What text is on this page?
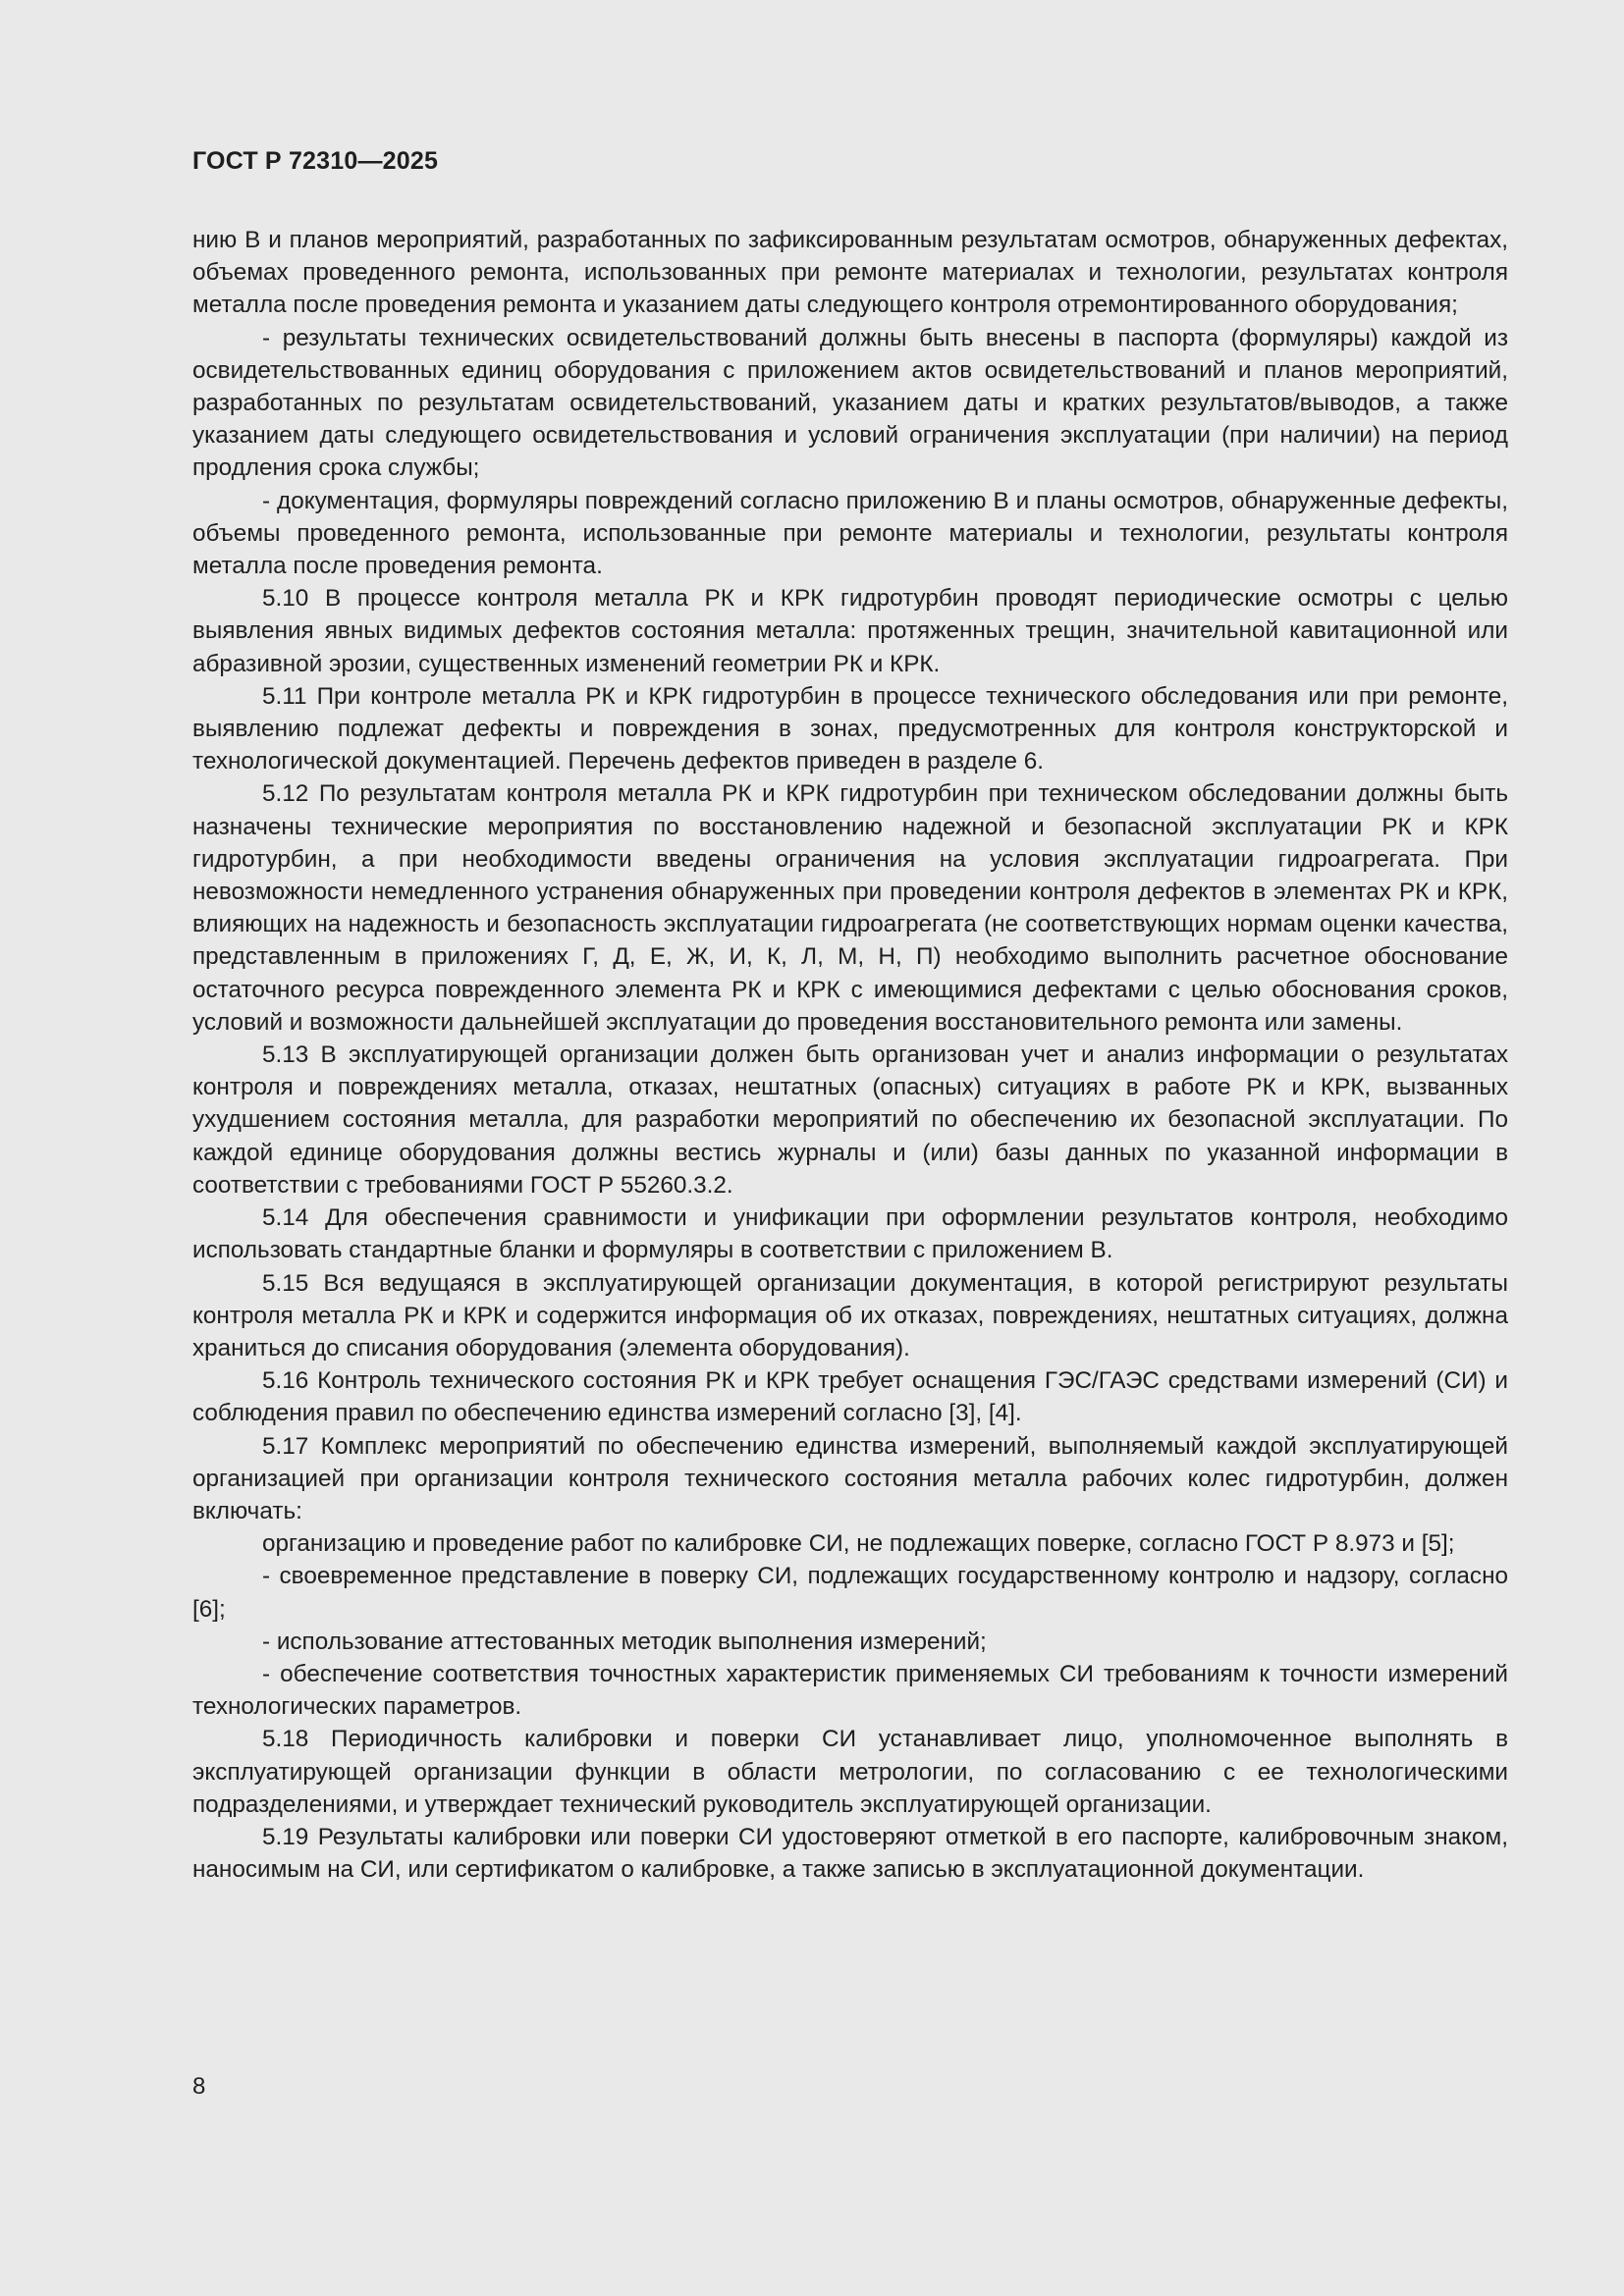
ГОСТ Р 72310—2025

нию В и планов мероприятий, разработанных по зафиксированным результатам осмотров, обнаруженных дефектах, объемах проведенного ремонта, использованных при ремонте материалах и технологии, результатах контроля металла после проведения ремонта и указанием даты следующего контроля отремонтированного оборудования;

- результаты технических освидетельствований должны быть внесены в паспорта (формуляры) каждой из освидетельствованных единиц оборудования с приложением актов освидетельствований и планов мероприятий, разработанных по результатам освидетельствований, указанием даты и кратких результатов/выводов, а также указанием даты следующего освидетельствования и условий ограничения эксплуатации (при наличии) на период продления срока службы;

- документация, формуляры повреждений согласно приложению В и планы осмотров, обнаруженные дефекты, объемы проведенного ремонта, использованные при ремонте материалы и технологии, результаты контроля металла после проведения ремонта.

5.10 В процессе контроля металла РК и КРК гидротурбин проводят периодические осмотры с целью выявления явных видимых дефектов состояния металла: протяженных трещин, значительной кавитационной или абразивной эрозии, существенных изменений геометрии РК и КРК.

5.11 При контроле металла РК и КРК гидротурбин в процессе технического обследования или при ремонте, выявлению подлежат дефекты и повреждения в зонах, предусмотренных для контроля конструкторской и технологической документацией. Перечень дефектов приведен в разделе 6.

5.12 По результатам контроля металла РК и КРК гидротурбин при техническом обследовании должны быть назначены технические мероприятия по восстановлению надежной и безопасной эксплуатации РК и КРК гидротурбин, а при необходимости введены ограничения на условия эксплуатации гидроагрегата. При невозможности немедленного устранения обнаруженных при проведении контроля дефектов в элементах РК и КРК, влияющих на надежность и безопасность эксплуатации гидроагрегата (не соответствующих нормам оценки качества, представленным в приложениях Г, Д, Е, Ж, И, К, Л, М, Н, П) необходимо выполнить расчетное обоснование остаточного ресурса поврежденного элемента РК и КРК с имеющимися дефектами с целью обоснования сроков, условий и возможности дальнейшей эксплуатации до проведения восстановительного ремонта или замены.

5.13 В эксплуатирующей организации должен быть организован учет и анализ информации о результатах контроля и повреждениях металла, отказах, нештатных (опасных) ситуациях в работе РК и КРК, вызванных ухудшением состояния металла, для разработки мероприятий по обеспечению их безопасной эксплуатации. По каждой единице оборудования должны вестись журналы и (или) базы данных по указанной информации в соответствии с требованиями ГОСТ Р 55260.3.2.

5.14 Для обеспечения сравнимости и унификации при оформлении результатов контроля, необходимо использовать стандартные бланки и формуляры в соответствии с приложением В.

5.15 Вся ведущаяся в эксплуатирующей организации документация, в которой регистрируют результаты контроля металла РК и КРК и содержится информация об их отказах, повреждениях, нештатных ситуациях, должна храниться до списания оборудования (элемента оборудования).

5.16 Контроль технического состояния РК и КРК требует оснащения ГЭС/ГАЭС средствами измерений (СИ) и соблюдения правил по обеспечению единства измерений согласно [3], [4].

5.17 Комплекс мероприятий по обеспечению единства измерений, выполняемый каждой эксплуатирующей организацией при организации контроля технического состояния металла рабочих колес гидротурбин, должен включать:

организацию и проведение работ по калибровке СИ, не подлежащих поверке, согласно ГОСТ Р 8.973 и [5];

- своевременное представление в поверку СИ, подлежащих государственному контролю и надзору, согласно [6];

- использование аттестованных методик выполнения измерений;

- обеспечение соответствия точностных характеристик применяемых СИ требованиям к точности измерений технологических параметров.

5.18 Периодичность калибровки и поверки СИ устанавливает лицо, уполномоченное выполнять в эксплуатирующей организации функции в области метрологии, по согласованию с ее технологическими подразделениями, и утверждает технический руководитель эксплуатирующей организации.

5.19 Результаты калибровки или поверки СИ удостоверяют отметкой в его паспорте, калибровочным знаком, наносимым на СИ, или сертификатом о калибровке, а также записью в эксплуатационной документации.

8
